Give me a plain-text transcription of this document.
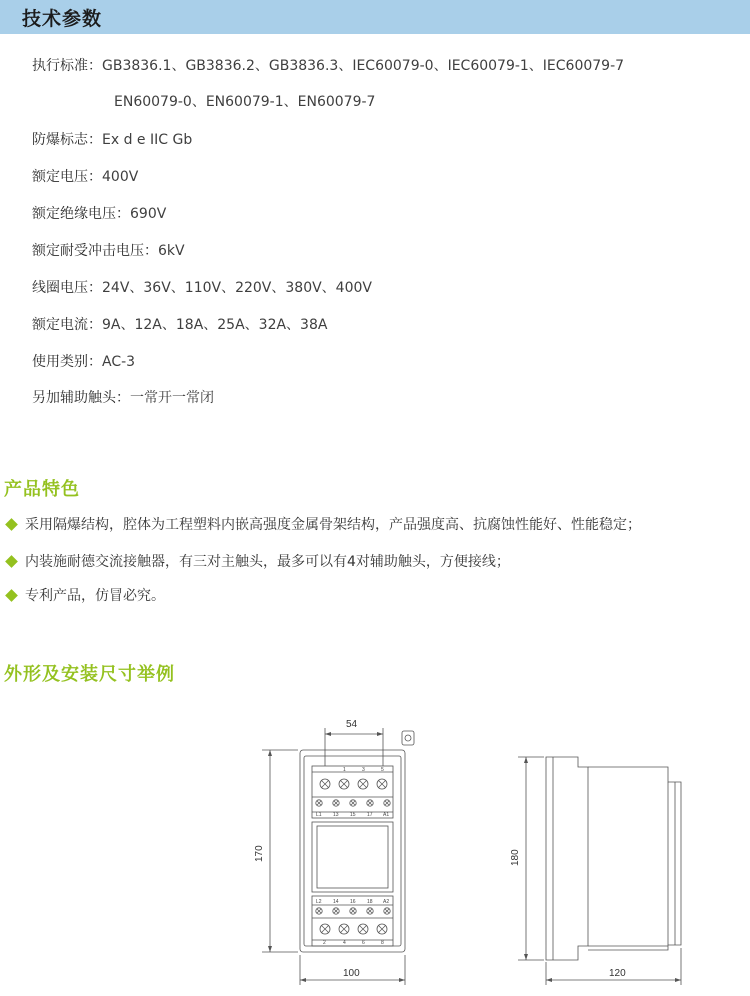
技术参数
执行标准：GB3836.1、GB3836.2、GB3836.3、IEC60079-0、IEC60079-1、IEC60079-7
EN60079-0、EN60079-1、EN60079-7
防爆标志：Ex d e IIC Gb
额定电压：400V
额定绝缘电压：690V
额定耐受冲击电压：6kV
线圈电压：24V、36V、110V、220V、380V、400V
额定电流：9A、12A、18A、25A、32A、38A
使用类别：AC-3
另加辅助触头：一常开一常闭
产品特色
采用隔爆结构，腔体为工程塑料内嵌高强度金属骨架结构，产品强度高、抗腐蚀性能好、性能稳定；
内装施耐德交流接触器，有三对主触头，最多可以有4对辅助触头，方便接线；
专利产品，仿冒必究。
外形及安装尺寸举例
54
170
100
180
120
1	3	5
L1 13 15 17 A1
L2 14 16 18 A2
2	4	6	8
